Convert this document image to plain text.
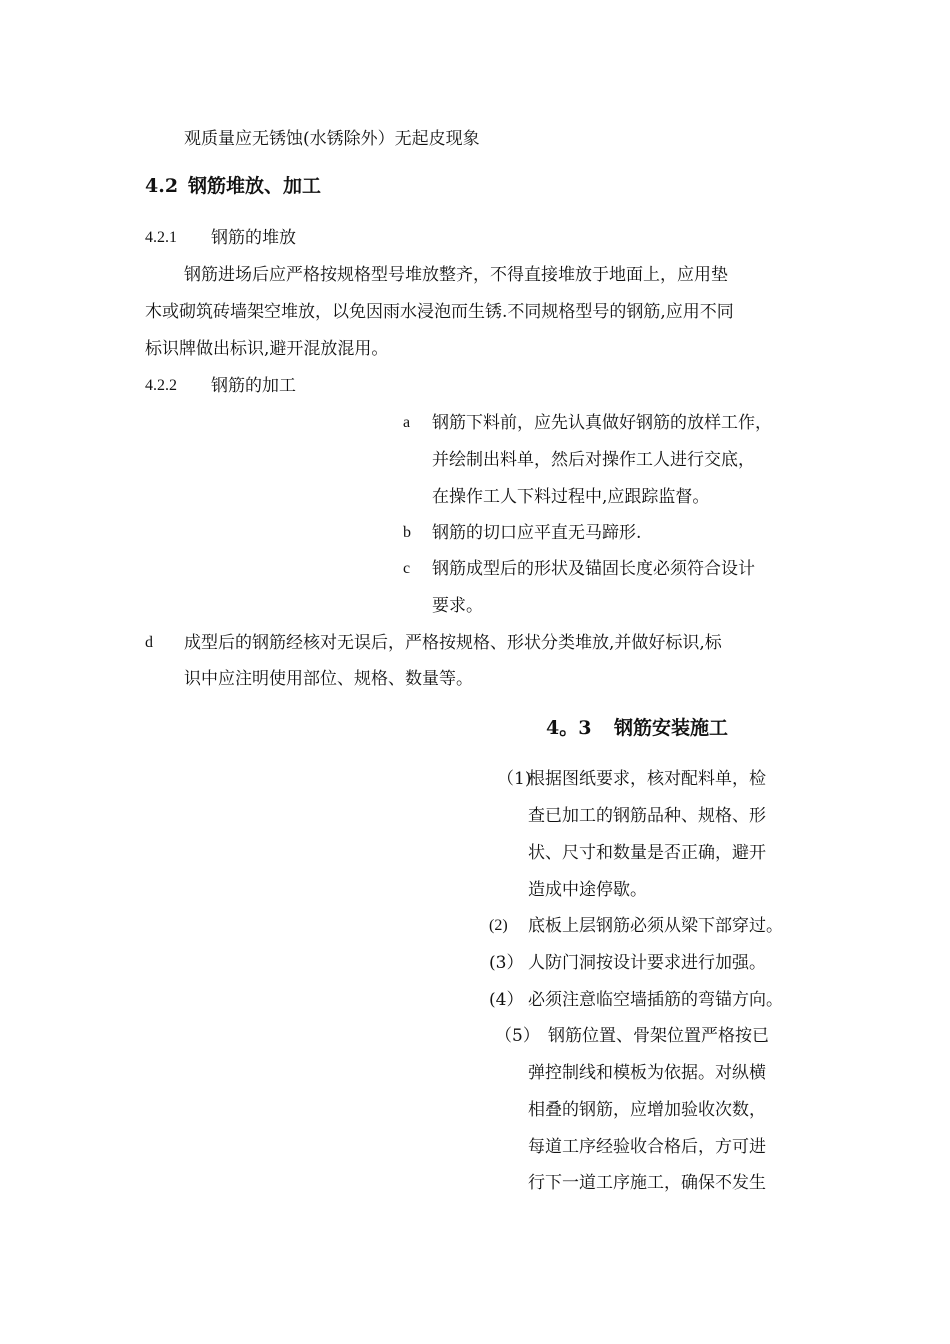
观质量应无锈蚀(水锈除外）无起皮现象
4.2 钢筋堆放、加工
4.2.1 钢筋的堆放
钢筋进场后应严格按规格型号堆放整齐，不得直接堆放于地面上，应用垫
木或砌筑砖墙架空堆放，以免因雨水浸泡而生锈.不同规格型号的钢筋,应用不同
标识牌做出标识,避开混放混用。
4.2.2 钢筋的加工
a 钢筋下料前，应先认真做好钢筋的放样工作，
并绘制出料单，然后对操作工人进行交底，
在操作工人下料过程中,应跟踪监督。
b 钢筋的切口应平直无马蹄形.
c 钢筋成型后的形状及锚固长度必须符合设计
要求。
d 成型后的钢筋经核对无误后，严格按规格、形状分类堆放,并做好标识,标
识中应注明使用部位、规格、数量等。
4。3 钢筋安装施工
（1)
根据图纸要求，核对配料单，检
查已加工的钢筋品种、规格、形
状、尺寸和数量是否正确，避开
造成中途停歇。
(2) 底板上层钢筋必须从梁下部穿过。
(3） 人防门洞按设计要求进行加强。
(4） 必须注意临空墙插筋的弯锚方向。
（5） 钢筋位置、骨架位置严格按已
弹控制线和模板为依据。对纵横
相叠的钢筋，应增加验收次数，
每道工序经验收合格后，方可进
行下一道工序施工，确保不发生
